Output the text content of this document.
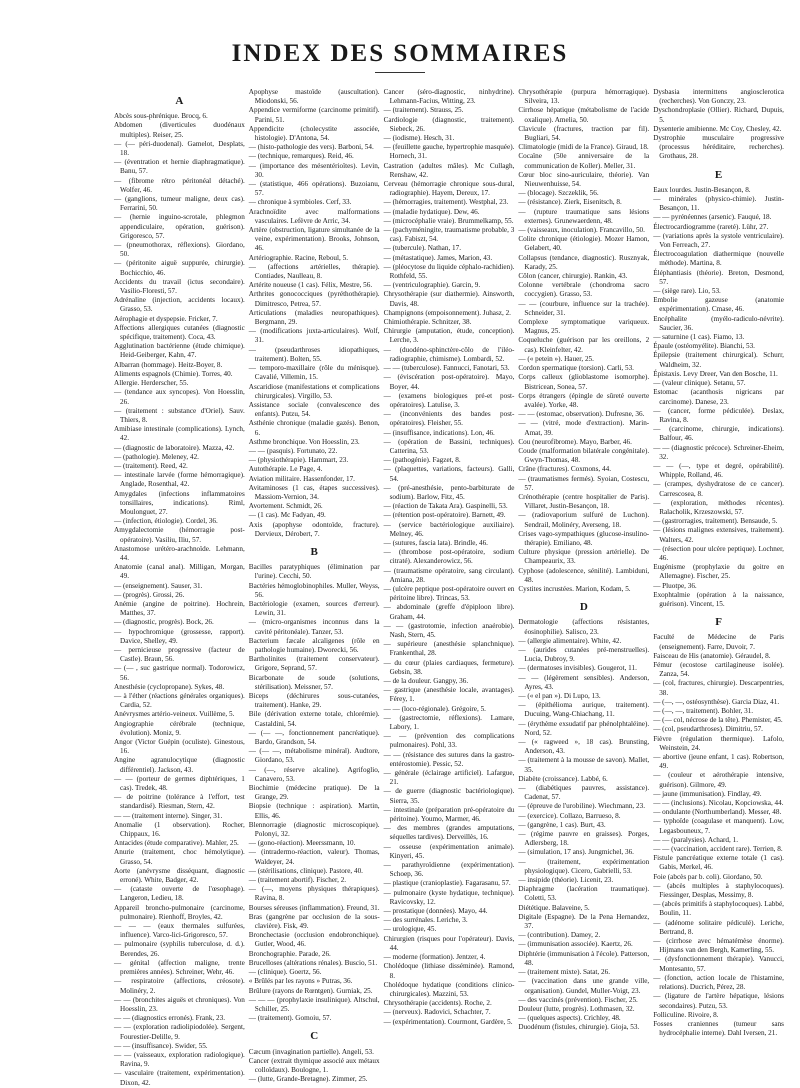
INDEX DES SOMMAIRES

A

Abcès sous-phrénique. Brocq, 6.

Abdomen (diverticules duodénaux multiples). Reiser, 25.

— (— péri-duodenal). Gamelot, Desplats, 18.

— (éventration et hernie diaphragmatique). Banu, 57.

— (fibrome rétro péritonéal détaché). Wolfer, 46.

— (ganglions, tumeur maligne, deux cas). Ferrarini, 50.

— (hernie inguino-scrotale, phlegmon appendiculaire, opération, guérison). Grigoresco, 57.

— (pneumothorax, réflexions). Giordano, 50.

— (péritonite aiguë suppurée, chirurgie). Bochicchio, 46.

Accidents du travail (ictus secondaire). Vasilio-Floresti, 57.

Adrénaline (injection, accidents locaux). Grasso, 53.

Aérophagie et dyspepsie. Fricker, 7.

Affections allergiques cutanées (diagnostic spécifique, traitement). Coca, 43.

Agglutination bactérienne (étude chimique). Heid-Geiberger, Kahn, 47.

Albarran (hommage). Heitz-Boyer, 8.

Aliments espagnols (Chimie). Torres, 40.

Allergie. Herderscher, 55.

— (tendance aux syncopes). Von Hoesslin, 26.

— (traitement : substance d'Oriel). Sauv. Thiers, 8.

Amibiase intestinale (complications). Lynch, 42.

— (diagnostic de laboratoire). Mazza, 42.

— (pathologie). Meleney, 42.

— (traitement). Reed, 42.

— intestinale larvée (forme hémorragique). Anglade, Rosenthal, 42.

Amygdales (infections inflammatoires tonsillaires, indications). Riml, Moulonguet, 27.

— (infection, étiologie). Cordel, 36.

Amygdalectomie (hémorragie post-opératoire). Vasiliu, Iliu, 57.

Anastomose urétéro-arachnoïde. Lehmann, 44.

Anatomie (canal anal). Milligan, Morgan, 49.

— (enseignement). Sauser, 31.

— (progrès). Grossi, 26.

Anémie (angine de poitrine). Hochrein, Matthes, 37.

— (diagnostic, progrès). Bock, 26.

— hypochromique (grossesse, rapport). Davice, Shelley, 49.

— pernicieuse progressive (facteur de Castle). Braun, 56.

— (— , suc gastrique normal). Todorowicz, 56.

Anesthésie (cyclopropane). Sykes, 48.

— à l'éther (réactions générales organiques). Cardia, 52.

Anévrysmes artério-veineux. Vuillème, 5.

Angiographie cérébrale (technique, évolution). Moniz, 9.

Angor (Victor Guépin (oculiste). Ginestous, 16.

Angine agranulocytique (diagnostic différentiel). Jackson, 43.

— — (porteur de germes diphtériques, 1 cas). Tredek, 48.

— de poitrine (tolérance à l'effort, test standardisé). Riesman, Stern, 42.

— — (traitement interne). Singer, 31.

Anomalie (1 observation). Rocher, Chippaux, 16.

Antacides (étude comparative). Mahler, 25.

Anurie (traitement, choc hémolytique). Grasso, 54.

Aorte (anévrysme disséquant, diagnostic erroné). White, Badger, 42.

— (cataste ouverte de l'œsophage). Langeron, Ledieu, 18.

Appareil broncho-pulmonaire (carcinome, pulmonaire). Rienhoff, Broyles, 42.

— — — (eaux thermales sulfurées, influence). Varco-lici-Grigoresco, 57.

— pulmonaire (syphilis tuberculose, d. d.). Berendes, 26.

— génital (affection maligne, trente premières années). Schreiner, Wehr, 46.

— respiratoire (affections, créosote). Molinéry, 2.

— — (bronchites aiguës et chroniques). Von Hoesslin, 23.

— — (diagnostics erronés). Frank, 23.

— — (exploration radiolipiodolée). Sergent, Fourestier-Delille, 9.

— — (insuffisance). Swider, 55.

— — (vaisseaux, exploration radiologique). Ravina, 9.

— vasculaire (traitement, expérimentation). Dixon, 42.

Apophyse mastoïde (auscultation). Miodonski, 56.

Appendice vermiforme (carcinome primitif). Parini, 51.

Appendicite (cholecystite associée, histologie). D'Antona, 54.

— (histo-pathologie des vers). Barboni, 54.

— (technique, remarques). Reid, 46.

— (importance des mésentérioïtes). Levin, 30.

— (statistique, 466 opérations). Buzoianu, 57.

— chronique à symbioles. Cerf, 33.

Arachnoïdite avec malformations vasculaires. Lefèvre de Arric, 34.

Artère (obstruction, ligature simultanée de la veine, expérimentation). Brooks, Johnson, 46.

Artériographie. Racine, Reboul, 5.

— (affections artérielles, thérapie). Contiades, Naulleau, 8.

Artérite noueuse (1 cas). Félix, Mestre, 56.

Arthrites gonococciques (pyréthothérapie). Dimitresco, Petrea, 57.

Articulations (maladies neuropathiques). Bergmann, 29.

— (modifications juxta-articulaires). Wolf, 31.

— (pseudarthroses idiopathiques, traitement). Bolten, 55.

— temporo-maxillaire (rôle du ménisque). Cavalié, Villemin, 15.

Ascaridiose (manifestations et complications chirurgicales). Virgillo, 53.

Assistance sociale (convalescence des enfants). Putzu, 54.

Asthénie chronique (maladie gazés). Benon, 6.

Asthme bronchique. Von Hoesslin, 23.

— — (pasquis). Fortunato, 22.

— (physiothérapie). Hammart, 23.

Autothérapie. Le Page, 4.

Aviation militaire. Hassenfonder, 17.

Avitaminoses (1 cas, étapes successives). Massiom-Vernion, 34.

Avortement. Schmidt, 26.

— (1 cas). Mc Fadyan, 49.

Axis (apophyse odontoïde, fracture). Dervieux, Dérobert, 7.

B

Bacilles paratyphiques (élimination par l'urine). Cecchi, 50.

Bactéries hémoglobinophiles. Muller, Weyss, 56.

Bactériologie (examen, sources d'erreur). Lewin, 31.

— (micro-organismes inconnus dans la cavité péritonéale). Tanzer, 53.

Bacterium fæcale alcaligenes (rôle en pathologie humaine). Dworecki, 56.

Bartholinites (traitement conservateur). Grigore, Seprand, 57.

Bicarbonate de soude (solutions, stérilisation). Meissner, 57.

Biceps (déchirures sous-cutanées, traitement). Hanke, 29.

Bile (dérivation externe totale, chlorémie). Castaldini, 54.

— (— —, fonctionnement pancréatique). Bardo, Grandson, 54.

— (— —, métabolisme minéral). Audtore, Giordano, 53.

— (—, réserve alcaline). Agrifoglio, Canavero, 53.

Biochimie (médecine pratique). De la Grange, 29.

Biopsie (technique : aspiration). Martin, Ellis, 46.

Blennorragie (diagnostic microscopique). Polonyi, 32.

— (gono-réaction). Meerssmann, 10.

— (intradermo-réaction, valeur). Thomas, Waldeyer, 24.

— (stérilisations, clinique). Pastore, 40.

— (traitement abortif). Fischer, 2.

— (—, moyens physiques thérapiques). Ravina, 8.

Bourses séreuses (inflammation). Freund, 31.

Bras (gangrène par occlusion de la sous-clavière). Fisk, 49.

Bronchectasie (occlusion endobronchique). Gutler, Wood, 46.

Bronchographie. Parade, 26.

Brucelloses (altérations rénales). Buscio, 51.

— (clinique). Goertz, 56.

« Brûlés par les rayons » Putras, 36.

Brûlure (rayons de Rœntgen). Gurniak, 25.

— — — (prophylaxie insulinique). Altschul, Schiller, 25.

— (traitement). Gomoiu, 57.

C

Cæcum (invagination partielle). Angeli, 53.

Cancer (extrait thymique associé aux métaux colloïdaux). Boulogne, 1.

— (lutte, Grande-Bretagne). Zimmer, 25.

Cancer (séro-diagnostic, ninhydrine). Lehmann-Facius, Witting, 23.

— (traitement). Strauss, 25.

Cardiologie (diagnostic, traitement). Siebeck, 26.

— (iodisme). Hesch, 31.

— (feuillette gauche, hypertrophie masquée). Hornech, 31.

Castration (adultes mâles). Mc Cullagh, Renshaw, 42.

Cerveau (hémorragie chronique sous-dural, radiographie). Hayem, Dereux, 17.

— (hémorragies, traitement). Westphal, 23.

— (maladie hydatique). Dew, 46.

— (microcéphalie vraie). Brummelkamp, 55.

— (pachyméningite, traumatisme probable, 3 cas). Fabiszt, 54.

— (tubercule). Nathan, 17.

— (métastatique). James, Marion, 43.

— (pléocytose du liquide céphalo-rachidien). Rothfeld, 55.

— (ventriculographie). Garcin, 9.

Chrysothérapie (sur diathermie). Ainsworth, Davis, 48.

Champignons (empoisonnement). Juhasz, 2.

Chimiothérapie. Schnitzer, 38.

Chirurgie (amputation, étude, conception). Lerche, 3.

— (duodéno-sphinctère-côlo de l'iléo-radiographie, chimisme). Lombardi, 52.

— — (tuberculose). Fannucci, Fanotari, 53.

— (éviscération post-opératoire). Mayo, Boyer, 44.

— (examens biologiques pré-et post-opératoires). Latulise, 3.

— (inconvénients des bandes post-opératoires). Fleisher, 55.

— (insuffisance, indications). Lon, 46.

— (opération de Bassini, techniques). Catterina, 53.

— (pathogénie). Fagzet, 8.

— (plaquettes, variations, facteurs). Galli, 54.

— (pré-anesthésie, pento-barbiturate de sodium). Barlow, Fitz, 45.

— (réaction de Takata Ara). Gaspinelli, 53.

— (rétention post-opératoire). Barnett, 49.

— (service bactériologique auxiliaire). Melney, 46.

— (sutures, fascia lata). Brindle, 46.

— (thrombose post-opératoire, sodium citraté). Alexanderowicz, 56.

— (traumatisme opératoire, sang circulant). Amiana, 28.

— (ulcère peptique post-opératoire ouvert en péritoine libre). Trincas, 53.

— abdominale (greffe d'épiploon libre). Graham, 44.

— — (gastrotomie, infection anaérobie). Nash, Stern, 45.

— supérieure (anesthésie splanchnique). Frankenthal, 28.

— du cœur (plaies cardiaques, fermeture). Gebsin, 38.

— de la douleur. Gangpy, 36.

— gastrique (anesthésie locale, avantages). Férey, 1.

— — (loco-régionale). Grégoire, 5.

— (gastrectomie, réflexions). Lamare, Labory, 1.

— — (prévention des complications pulmonaires). Pohl, 33.

— — (résistance des sutures dans la gastro-entérostomie). Pessic, 52.

— générale (éclairage artificiel). Lafargue, 21.

— de guerre (diagnostic bactériologique). Sierra, 35.

— intestinale (préparation pré-opératoire du péritoine). Youmo, Marmer, 46.

— des membres (grandes amputations, séquelles tardives). Derveillès, 16.

— osseuse (expérimentation animale). Kinyeri, 45.

— parathyroïdienne (expérimentation). Schoep, 36.

— plastique (cranioplastie). Fagarasanu, 57.

— pulmonaire (kyste hydatique, technique). Ravicovsky, 12.

— prostatique (données). Mayo, 44.

— des surrénales. Leriche, 3.

— urologique, 45.

Chirurgien (risques pour l'opérateur). Davis, 44.

— moderne (formation). Jentzer, 4.

Cholédoque (lithiase disséminée). Ramond, 8.

Cholédoque hydatique (conditions clinico-chirurgicales). Mazzini, 53.

Chrysothérapie (accidents). Roche, 2.

— (nerveux). Radovici, Schachter, 7.

— (expérimentation). Courmont, Gardère, 5.

Chrysothérapie (purpura hémorragique). Silveira, 13.

Cirrhose hépatique (métabolisme de l'acide oxalique). Amelia, 50.

Clavicule (fractures, traction par fil). Bugliari, 54.

Climatologie (midi de la France). Giraud, 18.

Cocaïne (50e anniversaire de la communication de Koller). Meller, 31.

Cœur bloc sino-auriculaire, théorie). Van Nieuwenhuisse, 54.

— (blocage). Szczeklik, 56.

— (résistance). Zierk, Eisenitsch, 8.

— (rupture traumatique sans lésions externes). Grunewaerdenn, 48.

— (vaisseaux, inoculation). Francavillo, 50.

Colite chronique (étiologie). Mozer Hamon, Gelabert, 40.

Collapsus (tendance, diagnostic). Rusznyak, Karady, 25.

Côlon (cancer, chirurgie). Rankin, 43.

Colonne vertébrale (chondroma sacro coccygien). Grasso, 53.

— — (courbure, influence sur la trachée). Schneider, 31.

Complexe symptomatique variqueux. Magnus, 25.

Coqueluche (guérison par les oreillons, 2 cas). Kleinfelter, 42.

— (« petein »). Hauer, 25.

Cordon spermatique (torsion). Carli, 53.

Corps calleux (glioblastome isomorphe). Bistricean, Sonea, 57.

Corps étrangers (épingle de sûreté ouverte avalée). Yorke, 48.

— — (estomac, observation). Dufresne, 36.

— — (vitré, mode d'extraction). Marin-Amat, 39.

Cou (neurofibrome). Mayo, Barber, 46.

Coude (malformation bilatérale congénitale). Gwyn-Thomas, 48.

Crâne (fractures). Coxmons, 44.

— (traumatismes fermés). Syoian, Costescu, 57.

Crénothérapie (centre hospitalier de Paris). Villaret, Justin-Besançon, 18.

— (radiovaporium sulfuré de Luchon). Sendrail, Molinéry, Averseng, 18.

Crises vago-sympathiques (glucose-insulino-thérapie). Emiliano, 48.

Culture physique (pression artérielle). De Champeaurix, 33.

Cyphose (adolescence, sénilité). Lambiduni, 48.

Cystites incrustées. Marion, Kodam, 5.

D

Dermatologie (affections résistantes, éosinophilie). Salisco, 23.

— (allergie alimentaire). White, 42.

— (aurides cutanées pré-menstruelles). Lucia, Dubroy, 9.

— (dermatoses invisibles). Gougerot, 11.

— — (légèrement sensibles). Anderson, Ayres, 43.

— (« el pan »). Di Lupo, 13.

— (épithélioma aurique, traitement). Ducuing, Wang-Chiachang, 11.

— (érythème exsudatif par phénolphtaléine). Nord, 52.

— (« ragweed », 18 cas). Brunsting, Anderson, 43.

— (traitement à la mousse de savon). Mallet, 35.

Diabète (croissance). Labbé, 6.

— (diabétiques pauvres, assistance). Cadenat, 57.

— (épreuve de l'urobiline). Wiechmann, 23.

— (exercice). Collazo, Barrueso, 8.

— (gangrène, 1 cas). Burt, 43.

— (régime pauvre en graisses). Porges, Adlersberg, 18.

— (simulation, 17 ans). Jungmichel, 36.

— (traitement, expérimentation physiologique). Cicero, Gabrielli, 53.

— insipide (théorie). Licenit, 23.

Diaphragme (lacération traumatique). Coletti, 53.

Diététique. Balaveine, 5.

Digitale (Espagne). De la Pena Hernandez, 37.

— (contribution). Damey, 2.

— (immunisation associée). Kaertz, 26.

Diphtérie (immunisation à l'école). Patterson, 48.

— (traitement mixte). Satat, 26.

— (vaccination dans une grande ville, organisation). Gundel, Muller-Voigt, 23.

— des vaccinés (prévention). Fischer, 25.

Douleur (lutte, progrès). Lothmasen, 32.

— (quelques aspects). Crichley, 48.

Duodénum (fistules, chirurgie). Gioja, 53.

Dysbasia intermittens angiosclerotica (recherches). Von Gonczy, 23.

Dyschondroplasie (Ollier). Richard, Dupuis, 5.

Dysenterie amibienne. Mc Coy, Chesley, 42.

Dystrophie musculaire progressive (processus héréditaire, recherches). Grothaus, 28.

E

Eaux lourdes. Justin-Besançon, 8.

— minérales (physico-chimie). Justin-Besançon, 11.

— — pyrénéennes (arsenic). Fauqué, 18.

Électrocardiogramme (rareté). Lühr, 27.

— (variations après la systole ventriculaire). Von Ferreach, 27.

Électrocoagulation diathermique (nouvelle méthode). Martina, 8.

Éléphantiasis (théorie). Breton, Desmond, 57.

— (siège rare). Lio, 53.

Embolie gazeuse (anatomie expérimentation). Cmase, 46.

Encéphalite (myélo-radiculo-névrite). Saucier, 36.

— saturnine (1 cas). Fiamo, 13.

Épaule (ostéomyélite). Bianchi, 53.

Épilepsie (traitement chirurgical). Schurr, Waldheim, 32.

Épistaxis. Levy Dreer, Van den Bosche, 11.

— (valeur clinique). Setanu, 57.

Estomac (acanthosis nigricans par carcinome). Danese, 23.

— (cancer, forme pédiculée). Deslax, Ravina, 8.

— (carcinome, chirurgie, indications). Balfour, 46.

— — (diagnostic précoce). Schreiner-Eheim, 32.

— — (—, type et degré, opérabilité). Whipple, Rolland, 46.

— (crampes, dyshydratose de ce cancer). Carrescosea, 8.

— (exploration, méthodes récentes). Ralacholik, Krzeszowski, 57.

— (gastrorragies, traitement). Bensaude, 5.

— (lésions malignes extensives, traitement). Walters, 42.

— (résection pour ulcère peptique). Lochner, 46.

Eugénisme (prophylaxie du goitre en Allemagne). Fischer, 25.

— Pluotpe, 36.

Exophtalmie (opération à la naissance, guérison). Vincent, 15.

F

Faculté de Médecine de Paris (enseignement). Farre, Duvoir, 7.

Faisceau de His (anatomie). Géraudel, 8.

Fémur (ecostose cartilagineuse isolée). Zanza, 54.

— (col, fractures, chirurgie). Descarpentries, 38.

— (—, —, ostéosynthèse). Garcia Diaz, 41.

— (—, —, traitement). Bohler, 31.

— (— col, nécrose de la tête). Phemister, 45.

— (col, pseudarthroses). Dimitriu, 57.

Fièvre (régulation thermique). Lafolo, Weinstein, 24.

— abortive (jeune enfant, 1 cas). Robertson, 49.

— (couleur et aérothérapie intensive, guérison). Gilmore, 49.

— jaune (immunisation). Findlay, 49.

— — (inclusions). Nicolau, Kopciowska, 44.

— ondulante (Northumberland). Messer, 48.

— typhoïde (coagulase et manquent). Low, Legasbouneux, 7.

— — (paralysies). Achard, 1.

— — (vaccination, accident rare). Terrien, 8.

Fistule pancréatique externe totale (1 cas). Gabis, Merkel, 46.

Foie (abcès par b. coli). Giordano, 50.

— (abcès multiples à staphylocoques). Fiessinger, Desplas, Messimy, 8.

— (abcès primitifs à staphylocoques). Labbé, Boulin, 11.

— (adénome solitaire pédiculé). Leriche, Bertrand, 8.

— (cirrhose avec hématémèse énorme). Hijmans van den Bergh, Kamerling, 55.

— (dysfonctionnement thérapie). Vanucci, Montesanto, 57.

— (fonction, action locale de l'histamine, relations). Ducrich, Pérez, 28.

— (ligature de l'artère hépatique, lésions secondaires). Putzu, 53.

Folliculine. Rivoire, 8.

Fosses craniennes (tumeur sans hydrocéphalie interne). Dahl Iversen, 21.
